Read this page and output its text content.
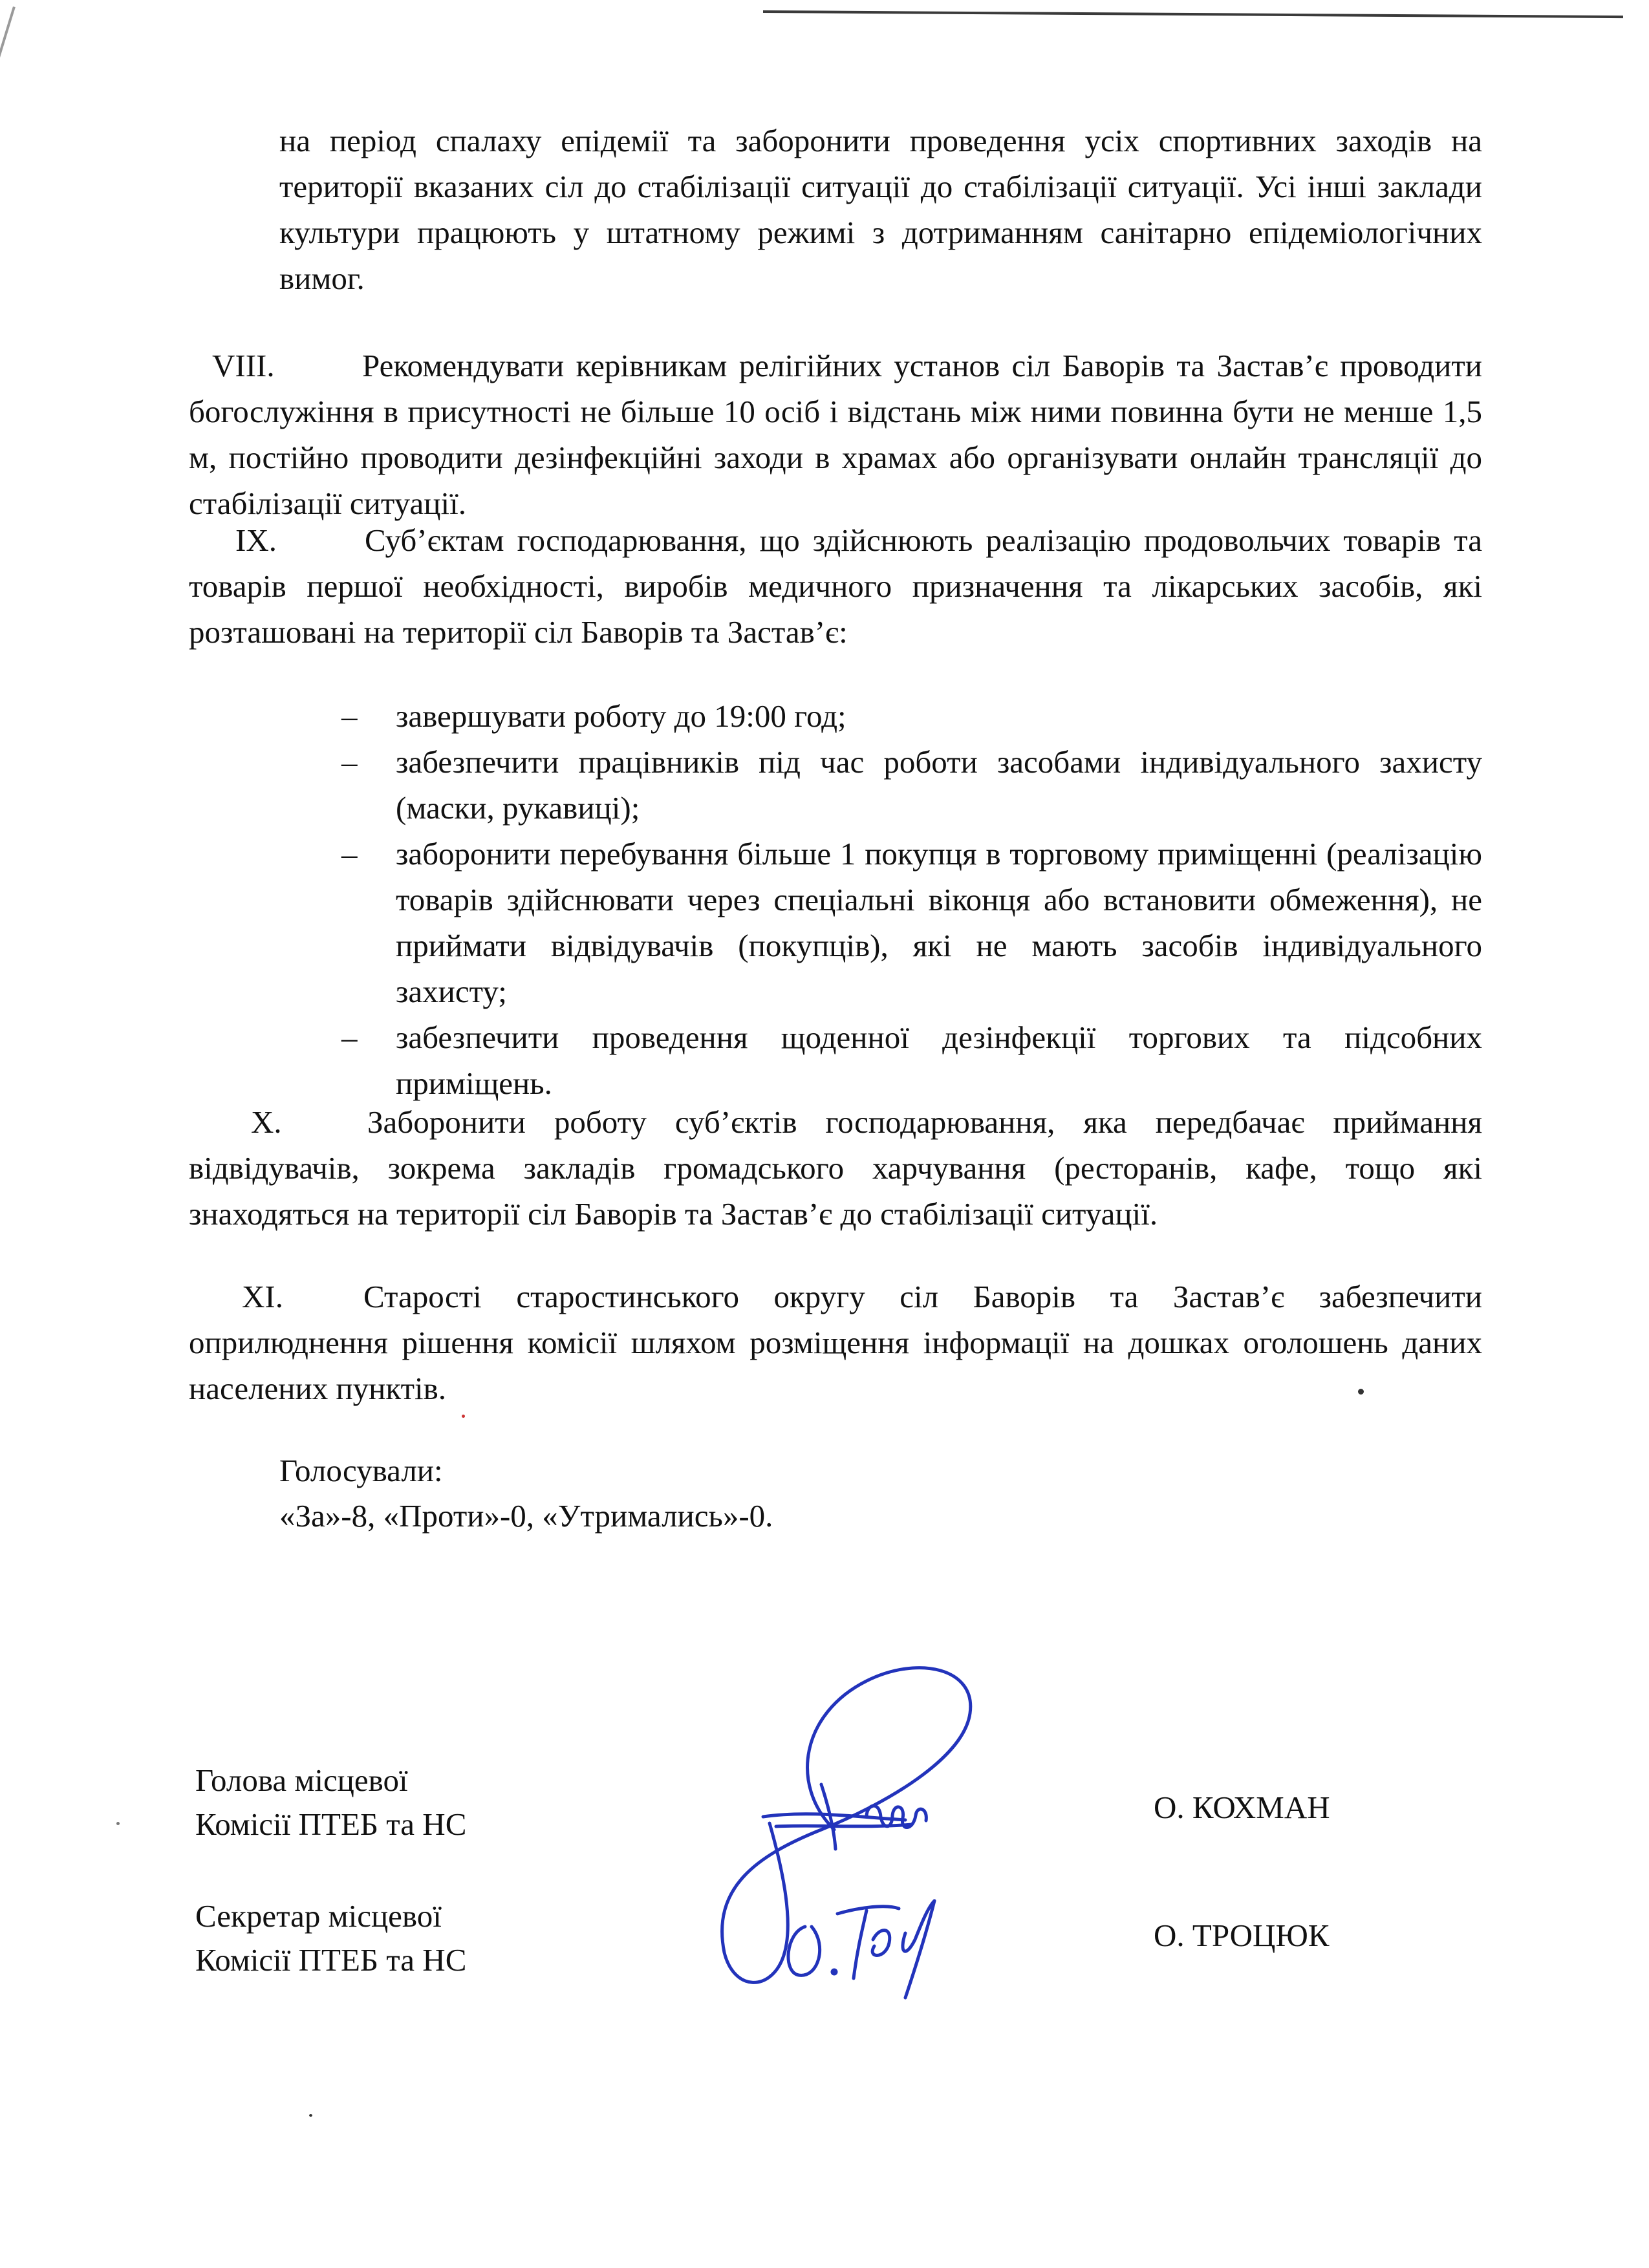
на період спалаху епідемії та заборонити проведення усіх спортивних заходів на території вказаних сіл до стабілізації ситуації до стабілізації ситуації. Усі інші заклади культури працюють у штатному режимі з дотриманням санітарно епідеміологічних вимог.

VIII.	Рекомендувати керівникам релігійних установ сіл Баворів та Застав’є проводити богослужіння в присутності не більше 10 осіб і відстань між ними повинна бути не менше 1,5 м, постійно проводити дезінфекційні заходи в храмах або організувати онлайн трансляції до стабілізації ситуації.

IX.	Суб’єктам господарювання, що здійснюють реалізацію продовольчих товарів та товарів першої необхідності, виробів медичного призначення та лікарських засобів, які розташовані на території сіл Баворів та Застав’є:

– завершувати роботу до 19:00 год;
– забезпечити працівників під час роботи засобами індивідуального захисту (маски, рукавиці);
– заборонити перебування більше 1 покупця в торговому приміщенні (реалізацію товарів здійснювати через спеціальні віконця або встановити обмеження), не приймати відвідувачів (покупців), які не мають засобів індивідуального захисту;
– забезпечити проведення щоденної дезінфекції торгових та підсобних приміщень.

X.	Заборонити роботу суб’єктів господарювання, яка передбачає приймання відвідувачів, зокрема закладів громадського харчування (ресторанів, кафе, тощо які знаходяться на території сіл Баворів та Застав’є до стабілізації ситуації.

XI.	Старості старостинського округу сіл Баворів та Застав’є забезпечити оприлюднення рішення комісії шляхом розміщення інформації на дошках оголошень даних населених пунктів.

Голосували:
«За»-8, «Проти»-0, «Утримались»-0.
Голова місцевої
Комісії ПТЕБ та НС	О. КОХМАН
Секретар місцевої
Комісії ПТЕБ та НС
О. ТРОЦЮК
